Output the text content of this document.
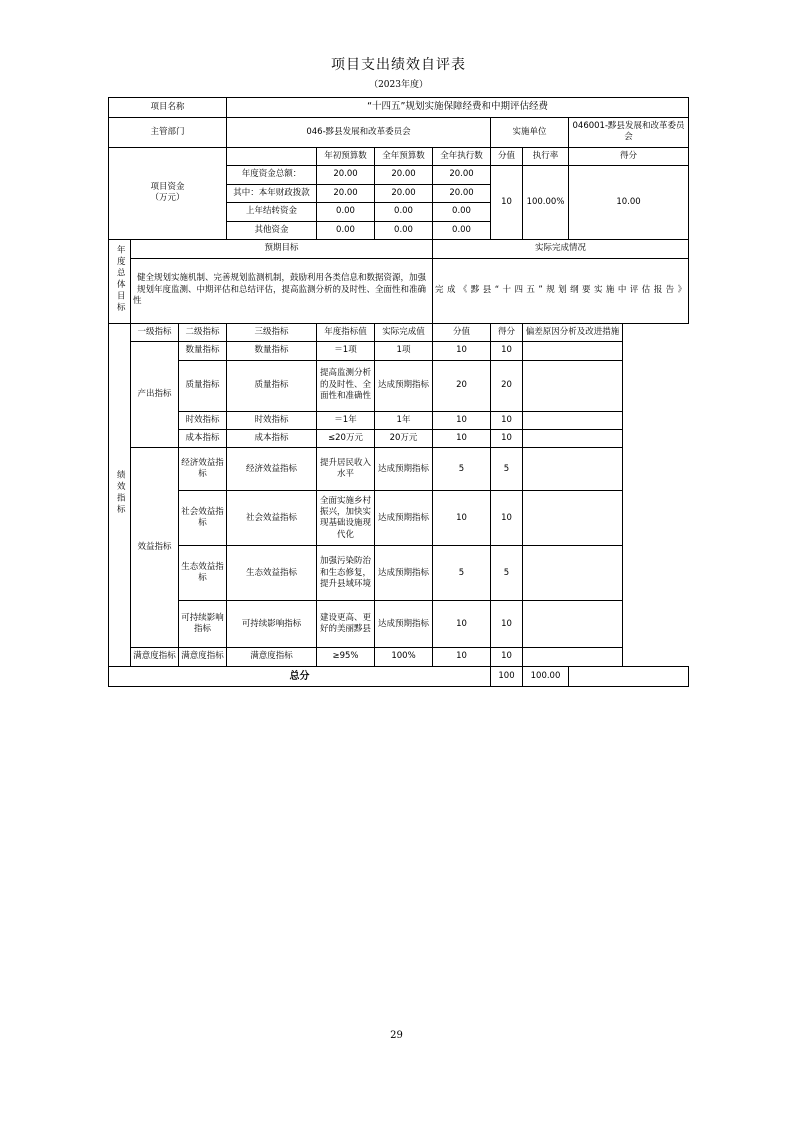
项目支出绩效自评表									

（2023年度）									

项目名称			“十四五”规划实施保障经费和中期评估经费						
主管部门			046-黟县发展和改革委员会				实施单位		046001-黟县发展和改革委员会

项目资金
（万元）				年初预算数	全年预算数	全年执行数	分值	执行率	得分
			年度资金总额：	20.00	20.00	20.00	10	100.00%	10.00
			其中：本年财政拨款	20.00	20.00	20.00			
			上年结转资金	0.00	0.00	0.00			
			其他资金	0.00	0.00	0.00			
年度总体目标	预期目标					实际完成情况			
	健全规划实施机制、完善规划监测机制，鼓励利用各类信息和数据资源，加强规划年度监测、中期评估和总结评估，提高监测分析的及时性、全面性和准确性					完成《黟县“十四五”规划纲要实施中评估报告》			
绩效指标	一级指标	二级指标	三级指标	年度指标值	实际完成值	分值	得分	偏差原因分析及改进措施	
	产出指标	数量指标	数量指标	＝1项	1项	10	10		
		质量指标	质量指标	提高监测分析的及时性、全面性和准确性	达成预期指标	20	20		
		时效指标	时效指标	＝1年	1年	10	10		
		成本指标	成本指标	≤20万元	20万元	10	10		
	效益指标	经济效益指标	经济效益指标	提升居民收入水平	达成预期指标	5	5		
		社会效益指标	社会效益指标	全面实施乡村振兴，加快实现基础设施现代化	达成预期指标	10	10		
		生态效益指标	生态效益指标	加强污染防治和生态修复，提升县域环境	达成预期指标	5	5		
		可持续影响指标	可持续影响指标	建设更高、更好的美丽黟县	达成预期指标	10	10		
	满意度指标	满意度指标	满意度指标	≥95%	100%	10	10		
总分							100	100.00	
29
